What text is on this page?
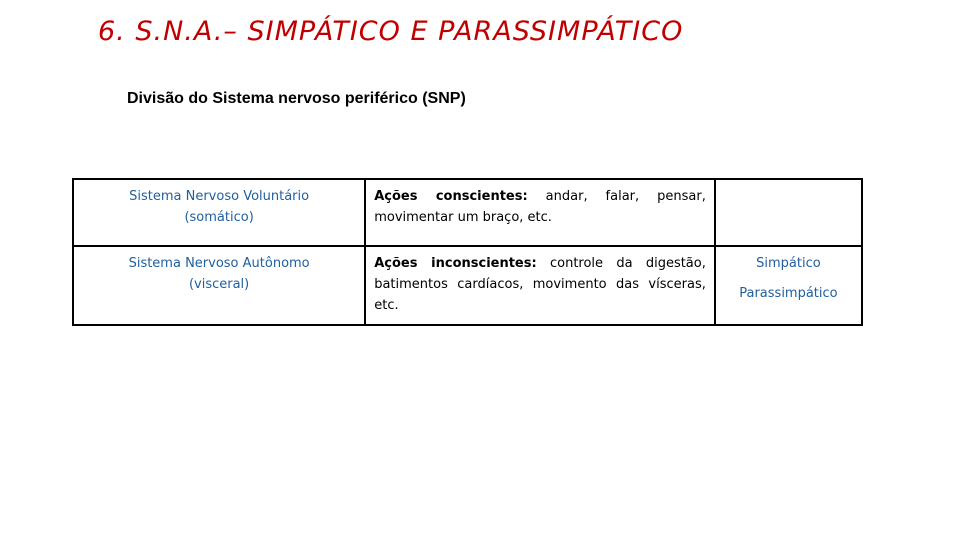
6. S.N.A.– SIMPÁTICO E PARASSIMPÁTICO
Divisão do Sistema nervoso periférico (SNP)
Sistema Nervoso Voluntário
(somático)	Ações conscientes: andar, falar, pensar, movimentar um braço, etc.	
Sistema Nervoso Autônomo
(visceral)	Ações inconscientes: controle da digestão, batimentos cardíacos, movimento das vísceras, etc.	Simpático
Parassimpático
